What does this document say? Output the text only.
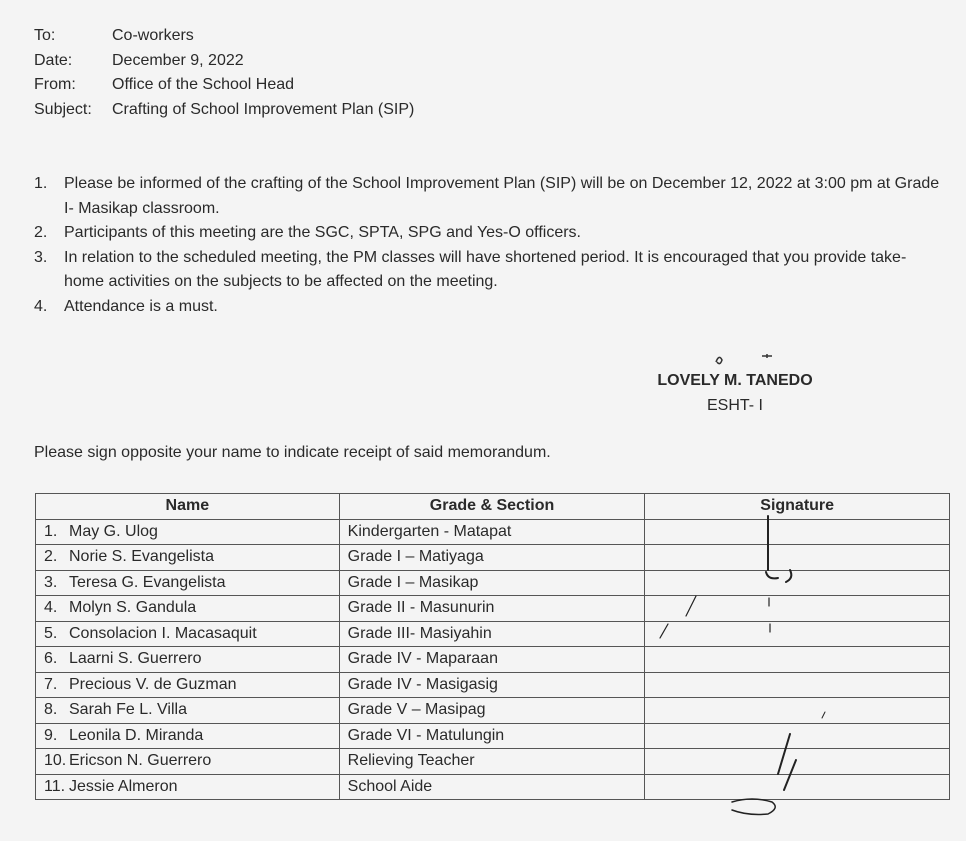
To:	Co-workers
Date:	December 9, 2022
From:	Office of the School Head
Subject:	Crafting of School Improvement Plan (SIP)
1.	Please be informed of the crafting of the School Improvement Plan (SIP) will be on December 12, 2022 at 3:00 pm at Grade I- Masikap classroom.
2.	Participants of this meeting are the SGC, SPTA, SPG and Yes-O officers.
3.	In relation to the scheduled meeting, the PM classes will have shortened period. It is encouraged that you provide take-home activities on the subjects to be affected on the meeting.
4.	Attendance is a must.
LOVELY M. TANEDO
ESHT- I
Please sign opposite your name to indicate receipt of said memorandum.
Name	Grade & Section	Signature
1. May G. Ulog	Kindergarten - Matapat	
2. Norie S. Evangelista	Grade I – Matiyaga	
3. Teresa G. Evangelista	Grade I – Masikap	
4. Molyn S. Gandula	Grade II - Masunurin	
5. Consolacion I. Macasaquit	Grade III- Masiyahin	
6. Laarni S. Guerrero	Grade IV - Maparaan	
7. Precious V. de Guzman	Grade IV - Masigasig	
8. Sarah Fe L. Villa	Grade V – Masipag	
9. Leonila D. Miranda	Grade VI - Matulungin	
10. Ericson N. Guerrero	Relieving Teacher	
11. Jessie Almeron	School Aide	
